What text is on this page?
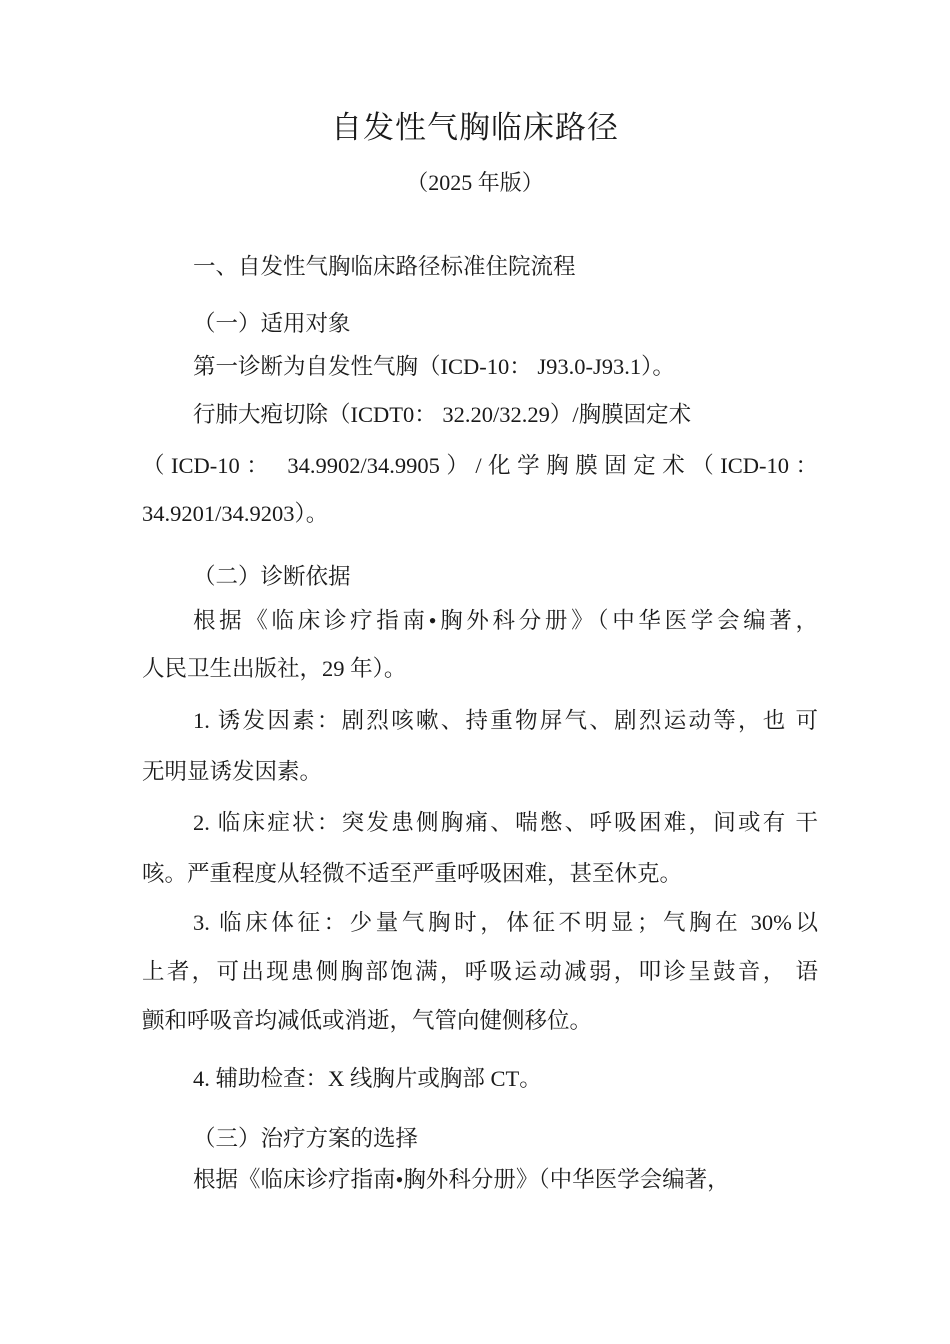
自发性气胸临床路径
（2025 年版）
一、自发性气胸临床路径标准住院流程
（一）适用对象
第一诊断为自发性气胸（ICD-10： J93.0-J93.1）。
行肺大疱切除（ICDT0： 32.20/32.29）/胸膜固定术
（ICD-10： 34.9902/34.9905）/化学胸膜固定术（ICD-10：
34.9201/34.9203）。
（二）诊断依据
根据《临床诊疗指南•胸外科分册》（中华医学会编著，
人民卫生出版社，29 年）。
1. 诱发因素：剧烈咳嗽、持重物屏气、剧烈运动等，也 可
无明显诱发因素。
2. 临床症状：突发患侧胸痛、喘憋、呼吸困难，间或有 干
咳。严重程度从轻微不适至严重呼吸困难，甚至休克。
3. 临床体征：少量气胸时，体征不明显；气胸在 30%以
上者，可出现患侧胸部饱满，呼吸运动减弱，叩诊呈鼓音， 语
颤和呼吸音均减低或消逝，气管向健侧移位。
4. 辅助检查：X 线胸片或胸部 CT。
（三）治疗方案的选择
根据《临床诊疗指南•胸外科分册》（中华医学会编著，
